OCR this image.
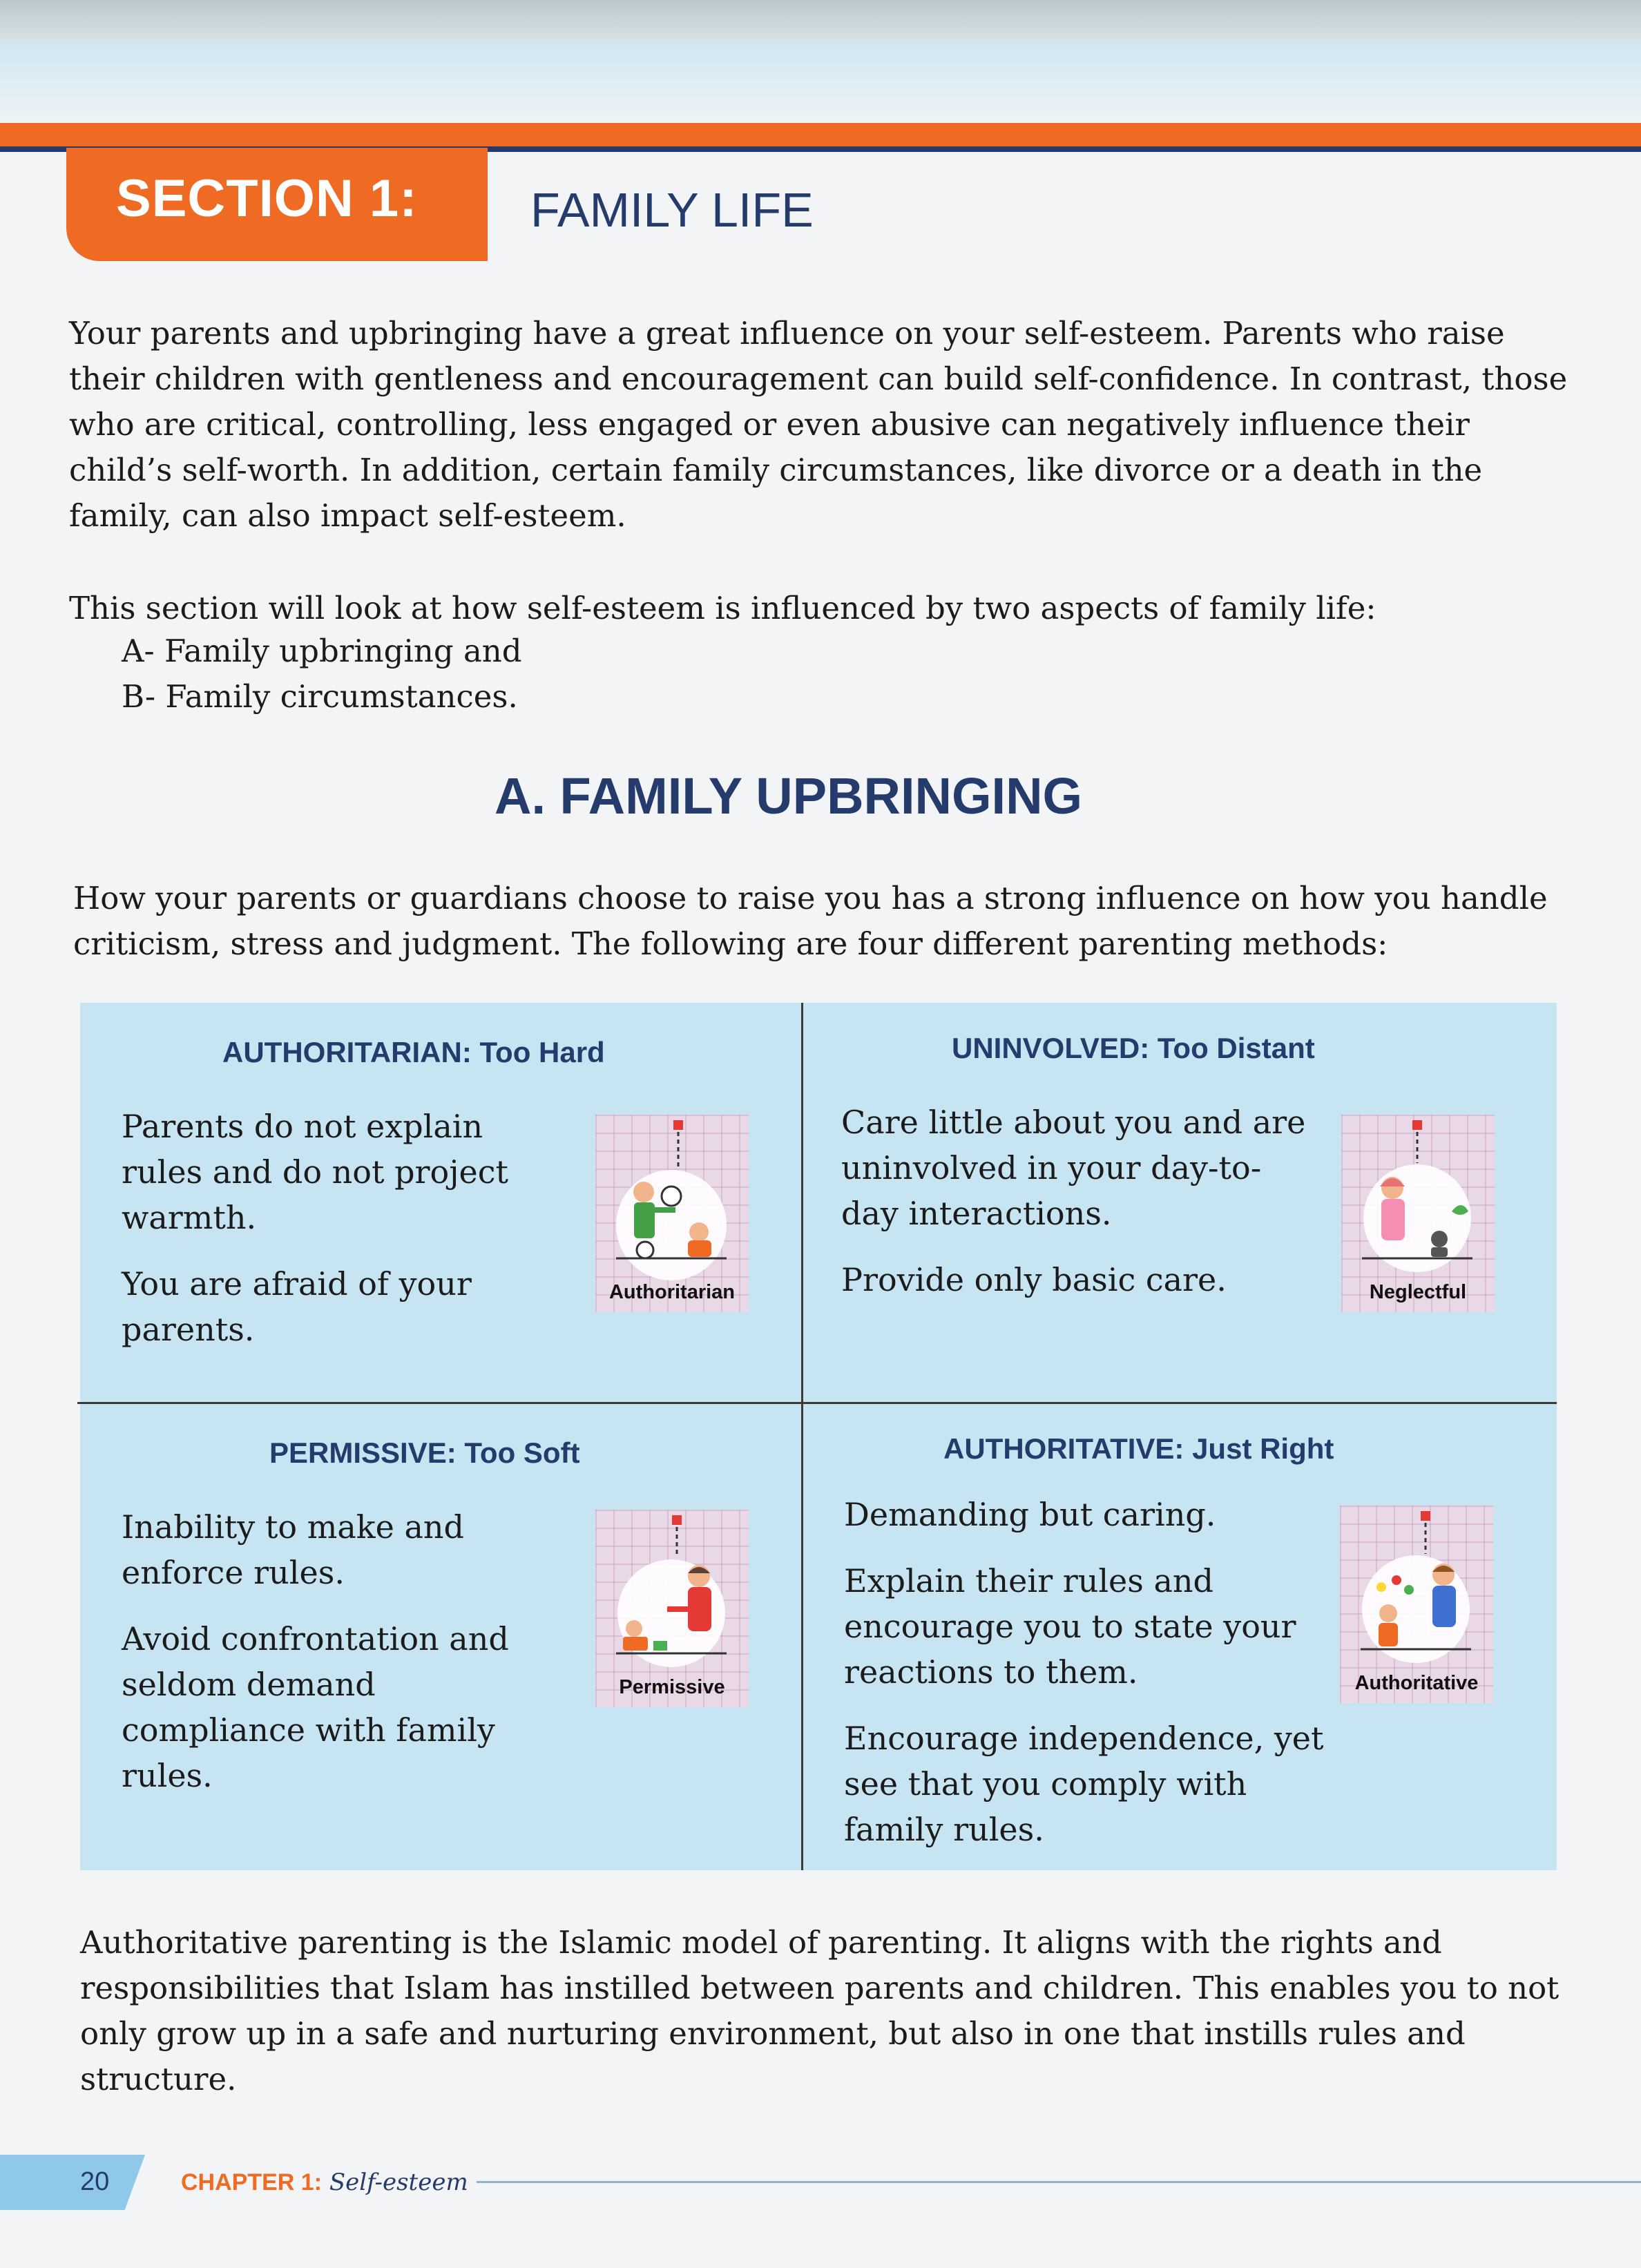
SECTION 1: FAMILY LIFE

Your parents and upbringing have a great influence on your self-esteem. Parents who raise their children with gentleness and encouragement can build self-confidence. In contrast, those who are critical, controlling, less engaged or even abusive can negatively influence their child’s self-worth. In addition, certain family circumstances, like divorce or a death in the family, can also impact self-esteem.

This section will look at how self-esteem is influenced by two aspects of family life:

A- Family upbringing and
B- Family circumstances.
A. FAMILY UPBRINGING

How your parents or guardians choose to raise you has a strong influence on how you handle criticism, stress and judgment. The following are four different parenting methods:

AUTHORITARIAN: Too Hard

Parents do not explain rules and do not project warmth.

You are afraid of your parents.

Authoritarian
UNINVOLVED: Too Distant

Care little about you and are uninvolved in your day-to-day interactions.

Provide only basic care.	Neglectful
PERMISSIVE: Too Soft

Inability to make and enforce rules.

Avoid confrontation and seldom demand compliance with family rules.

Permissive
AUTHORITATIVE: Just Right

Demanding but caring.

Explain their rules and encourage you to state your reactions to them.

Encourage independence, yet see that you comply with family rules.

Authoritative

Authoritative parenting is the Islamic model of parenting. It aligns with the rights and responsibilities that Islam has instilled between parents and children. This enables you to not only grow up in a safe and nurturing environment, but also in one that instills rules and structure.

20	CHAPTER 1: Self-esteem
